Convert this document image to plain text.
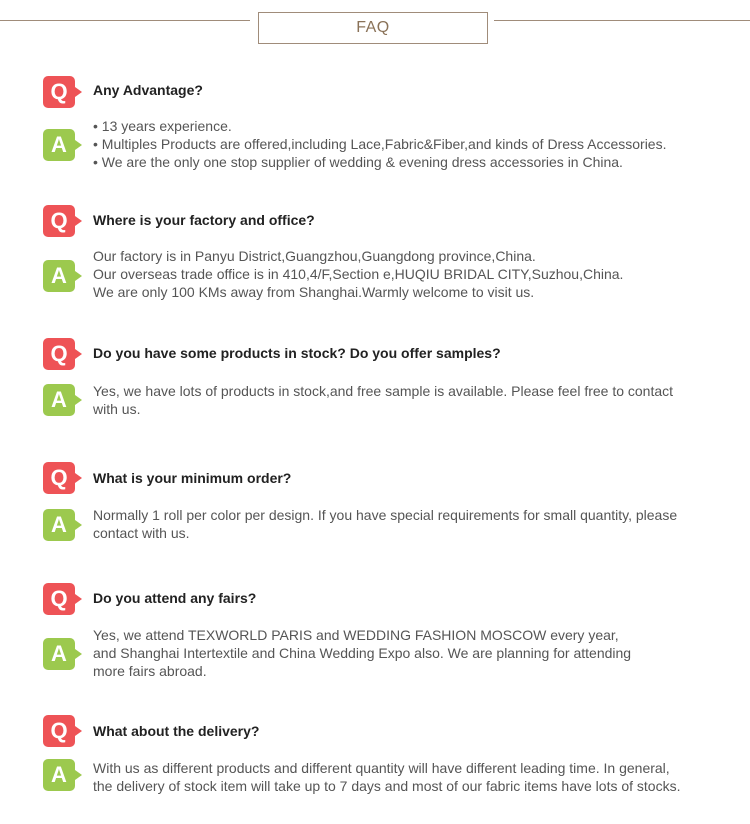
FAQ
Q	Any Advantage?
A
• 13 years experience.
• Multiples Products are offered,including Lace,Fabric&Fiber,and kinds of Dress Accessories.
• We are the only one stop supplier of wedding & evening dress accessories in China.
Q	Where is your factory and office?
A
Our factory is in Panyu District,Guangzhou,Guangdong province,China.
Our overseas trade office is in 410,4/F,Section e,HUQIU BRIDAL CITY,Suzhou,China.
We are only 100 KMs away from Shanghai.Warmly welcome to visit us.
Q	Do you have some products in stock? Do you offer samples?
A	Yes, we have lots of products in stock,and free sample is available. Please feel free to contact
with us.
Q	What is your minimum order?
A	Normally 1 roll per color per design. If you have special requirements for small quantity, please
contact with us.
Q	Do you attend any fairs?
A
Yes, we attend TEXWORLD PARIS and WEDDING FASHION MOSCOW every year,
and Shanghai Intertextile and China Wedding Expo also. We are planning for attending
more fairs abroad.
Q	What about the delivery?
A	With us as different products and different quantity will have different leading time. In general,
the delivery of stock item will take up to 7 days and most of our fabric items have lots of stocks.
